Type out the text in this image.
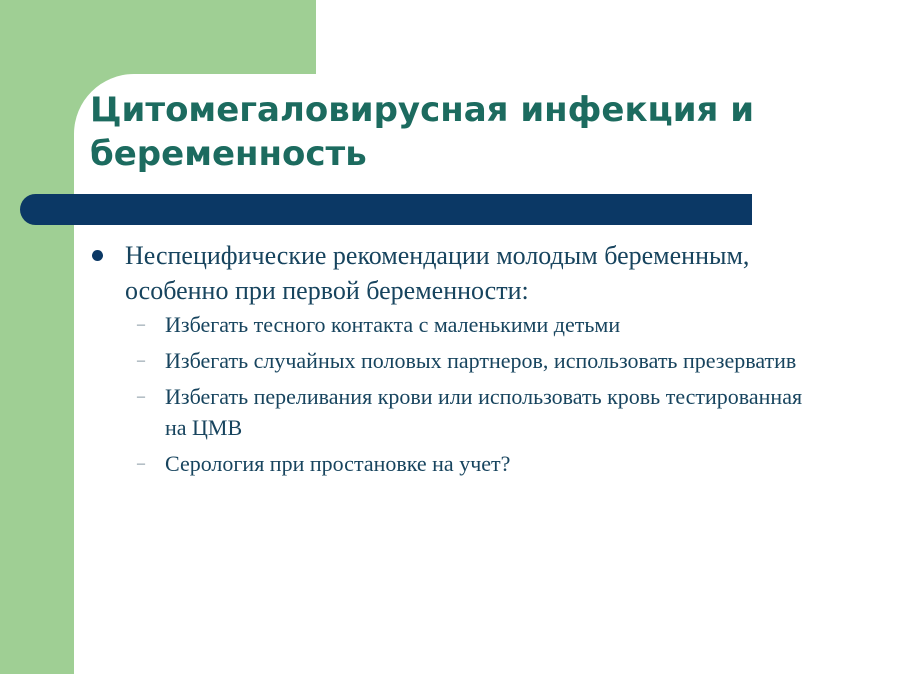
Цитомегаловирусная инфекция и беременность
Неспецифические рекомендации молодым беременным, особенно при первой беременности:
– Избегать тесного контакта с маленькими детьми
– Избегать случайных половых партнеров, использовать презерватив
– Избегать переливания крови или использовать кровь тестированная на ЦМВ
– Серология при простановке на учет?
